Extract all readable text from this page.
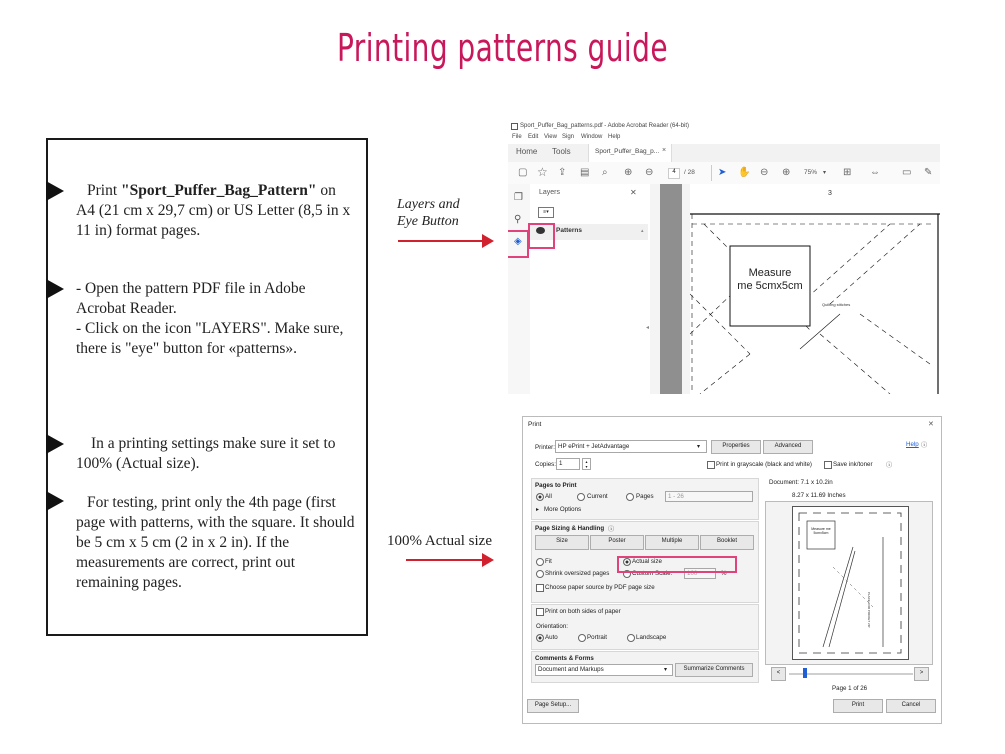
Printing patterns guide
Print "Sport_Puffer_Bag_Pattern" on A4 (21 cm x 29,7 cm) or US Letter (8,5 in x 11 in) format pages.
- Open the pattern PDF file in Adobe Acrobat Reader.
- Click on the icon "LAYERS". Make sure, there is "eye" button for «patterns».
In a printing settings make sure it set to 100% (Actual size).
For testing, print only the 4th page (first page with patterns, with the square. It should be 5 cm x 5 cm (2 in x 2 in). If the measurements are correct, print out remaining pages.
Layers and
Eye Button
100% Actual size
Sport_Puffer_Bag_patterns.pdf - Adobe Acrobat Reader (64-bit)
File Edit View Sign Window Help
Home Tools	Sport_Puffer_Bag_p... ×
▢ ☆ ⇪ ▤ ⌕ ⊕ ⊖	4	/ 28 ➤ ✋ ⊖ ⊕ 75% ▾ ⊞ ⇔ ▭ ✎
❐
⚲
◈
Layers	✕
≡▾
Patterns	▴
◂
3
Measure
me 5cmx5cm
Quilting stitches
Print	✕
Printer: HP ePrint + JetAdvantage	▾	Properties	Advanced	Help ⓘ
Copies: 1	▴
▾	Print in grayscale (black and white)	Save ink/toner ⓘ
Pages to Print
All	Current	Pages 1 - 26
▸ More Options
Page Sizing & Handling ⓘ
Size	Poster	Multiple	Booklet
Fit	Actual size
Shrink oversized pages	Custom Scale: 100	%
Choose paper source by PDF page size
Print on both sides of paper
Orientation:
Auto	Portrait	Landscape
Comments & Forms
Document and Markups	▾	Summarize Comments
Document: 7.1 x 10.2in
8.27 x 11.69 Inches
Measure me
5cmx5cm
PLACE FOR POCKET ZIP
<	>
Page 1 of 26
Page Setup...	Print	Cancel
